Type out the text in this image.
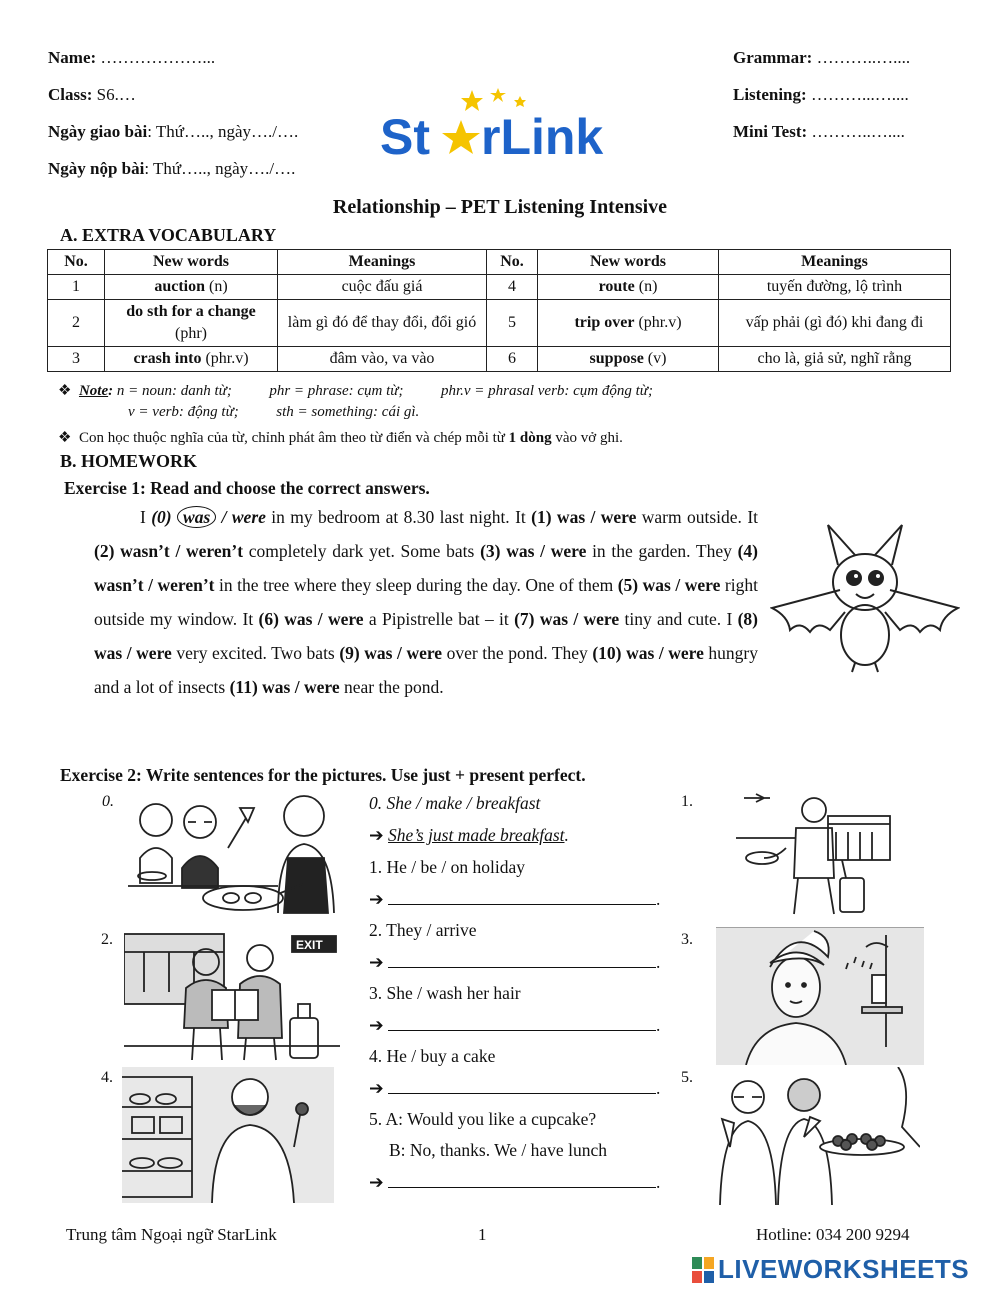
Name: ………………...
Class: S6.…
Ngày giao bài: Thứ….., ngày…./….
Ngày nộp bài: Thứ….., ngày…./….
Grammar: ………..…....
Listening: ………...…....
Mini Test: ………..…....
St rLink
Relationship – PET Listening Intensive
A. EXTRA VOCABULARY
No.	New words	Meanings	No.	New words	Meanings
1	auction (n)	cuộc đấu giá	4	route (n)	tuyến đường, lộ trình
2	do sth for a change
(phr)	làm gì đó để thay đổi, đổi gió	5	trip over (phr.v)	vấp phải (gì đó) khi đang đi
3	crash into (phr.v)	đâm vào, va vào	6	suppose (v)	cho là, giả sử, nghĩ rằng
❖ Note: n = noun: danh từ;          phr = phrase: cụm từ;          phr.v = phrasal verb: cụm động từ;
v = verb: động từ;          sth = something: cái gì.
❖ Con học thuộc nghĩa của từ, chỉnh phát âm theo từ điển và chép mỗi từ 1 dòng vào vở ghi.
B. HOMEWORK
Exercise 1: Read and choose the correct answers.

I (0) was / were in my bedroom at 8.30 last night. It (1) was / were warm outside. It (2) wasn’t / weren’t completely dark yet. Some bats (3) was / were in the garden. They (4) wasn’t / weren’t in the tree where they sleep during the day. One of them (5) was / were right outside my window. It (6) was / were a Pipistrelle bat – it (7) was / were tiny and cute. I (8) was / were very excited. Two bats (9) was / were over the pond. They (10) was / were hungry and a lot of insects (11) was / were near the pond.

Exercise 2: Write sentences for the pictures. Use just + present perfect.
0.	1.
2.	3.
4.	5.
EXIT
0. She / make / breakfast
➔ She’s just made breakfast.
1. He / be / on holiday
➔	.
2. They / arrive
➔	.
3. She / wash her hair
➔	.
4. He / buy a cake
➔	.
5. A: Would you like a cupcake?
B: No, thanks. We / have lunch
➔	.
Trung tâm Ngoại ngữ StarLink	1	Hotline: 034 200 9294
LIVEWORKSHEETS
